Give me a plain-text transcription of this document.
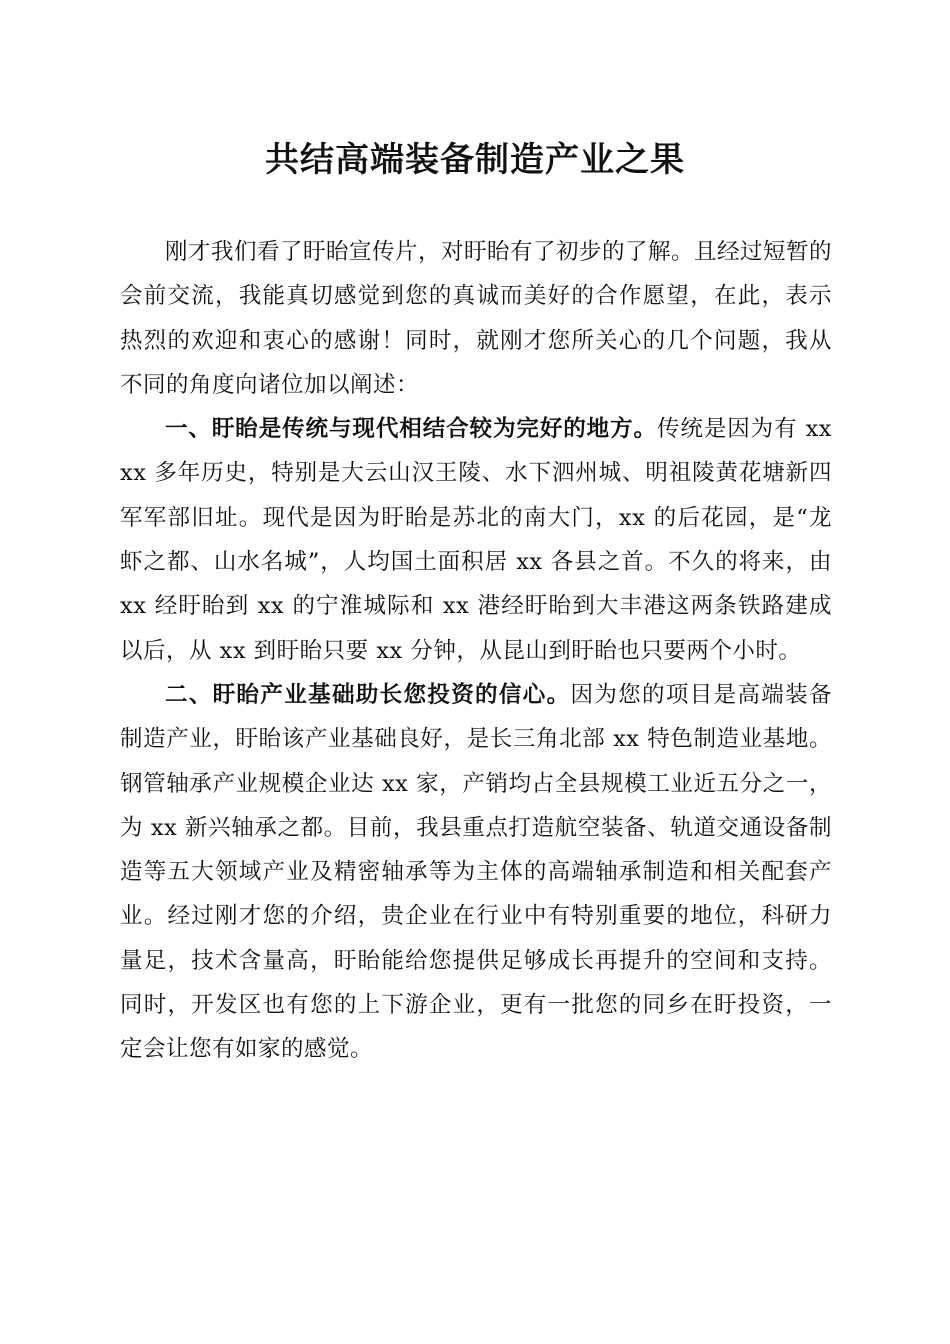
共结高端装备制造产业之果

刚才我们看了盱眙宣传片，对盱眙有了初步的了解。且经过短暂的会前交流，我能真切感觉到您的真诚而美好的合作愿望，在此，表示热烈的欢迎和衷心的感谢！同时，就刚才您所关心的几个问题，我从不同的角度向诸位加以阐述：

一、盱眙是传统与现代相结合较为完好的地方。传统是因为有 xxxx 多年历史，特别是大云山汉王陵、水下泗州城、明祖陵黄花塘新四军军部旧址。现代是因为盱眙是苏北的南大门，xx 的后花园，是“龙虾之都、山水名城”，人均国土面积居 xx 各县之首。不久的将来，由 xx 经盱眙到 xx 的宁淮城际和 xx 港经盱眙到大丰港这两条铁路建成以后，从 xx 到盱眙只要 xx 分钟，从昆山到盱眙也只要两个小时。

二、盱眙产业基础助长您投资的信心。因为您的项目是高端装备制造产业，盱眙该产业基础良好，是长三角北部 xx 特色制造业基地。钢管轴承产业规模企业达 xx 家，产销均占全县规模工业近五分之一，为 xx 新兴轴承之都。目前，我县重点打造航空装备、轨道交通设备制造等五大领域产业及精密轴承等为主体的高端轴承制造和相关配套产业。经过刚才您的介绍，贵企业在行业中有特别重要的地位，科研力量足，技术含量高，盱眙能给您提供足够成长再提升的空间和支持。同时，开发区也有您的上下游企业，更有一批您的同乡在盱投资，一定会让您有如家的感觉。
